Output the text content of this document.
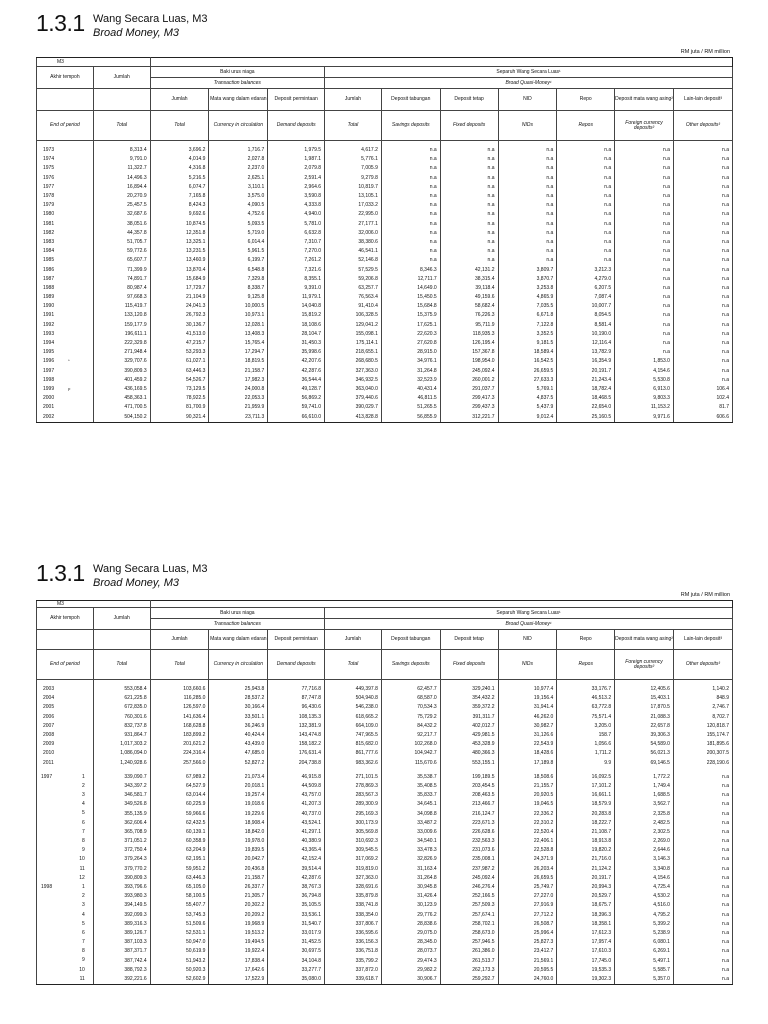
1.3.1 Wang Secara Luas, M3
Broad Money, M3
RM juta / RM million
M3											
Akhir tempoh	Jumlah	Baki urus niaga			Separuh Wang Secara Luas¹						
		Transaction balances			Broad Quasi-Money¹						
		Jumlah	Mata wang dalam edaran	Deposit permintaan	Jumlah	Deposit tabungan	Deposit tetap	NID	Repo	Deposit mata wang asing²	Lain-lain deposit³
End of period	Total	Total	Currency in circulation	Demand deposits	Total	Savings deposits	Fixed deposits	NIDs	Repos	Foreign currency deposits²	Other deposits³

1973	8,313.4	3,696.2	1,716.7	1,979.5	4,617.2	n.a	n.a	n.a	n.a	n.a	n.a
1974	9,791.0	4,014.9	2,027.8	1,987.1	5,776.1	n.a	n.a	n.a	n.a	n.a	n.a
1975	11,322.7	4,316.8	2,237.0	2,079.8	7,005.9	n.a	n.a	n.a	n.a	n.a	n.a
1976	14,496.3	5,216.5	2,625.1	2,591.4	9,279.8	n.a	n.a	n.a	n.a	n.a	n.a
1977	16,894.4	6,074.7	3,110.1	2,964.6	10,819.7	n.a	n.a	n.a	n.a	n.a	n.a
1978	20,270.9	7,165.8	3,575.0	3,590.8	13,105.1	n.a	n.a	n.a	n.a	n.a	n.a
1979	25,457.5	8,424.3	4,090.5	4,333.8	17,033.2	n.a	n.a	n.a	n.a	n.a	n.a
1980	32,687.6	9,692.6	4,752.6	4,940.0	22,995.0	n.a	n.a	n.a	n.a	n.a	n.a
1981	38,051.6	10,874.5	5,093.5	5,781.0	27,177.1	n.a	n.a	n.a	n.a	n.a	n.a
1982	44,357.8	12,351.8	5,719.0	6,632.8	32,006.0	n.a	n.a	n.a	n.a	n.a	n.a
1983	51,705.7	13,325.1	6,014.4	7,310.7	38,380.6	n.a	n.a	n.a	n.a	n.a	n.a
1984	59,772.6	13,231.5	5,961.5	7,270.0	46,541.1	n.a	n.a	n.a	n.a	n.a	n.a
1985	65,607.7	13,460.9	6,199.7	7,261.2	52,146.8	n.a	n.a	n.a	n.a	n.a	n.a
1986	71,399.9	13,870.4	6,548.8	7,321.6	57,529.5	8,346.3	42,131.2	3,809.7	3,212.3	n.a	n.a
1987	74,891.7	15,684.9	7,329.8	8,355.1	59,206.8	12,711.7	38,315.4	3,870.7	4,279.0	n.a	n.a
1988	80,987.4	17,729.7	8,338.7	9,391.0	63,257.7	14,649.0	39,118.4	3,253.8	6,207.5	n.a	n.a
1989	97,668.3	21,104.9	9,125.8	11,979.1	76,563.4	15,450.5	49,159.6	4,865.9	7,087.4	n.a	n.a
1990	115,419.7	24,041.3	10,000.5	14,040.8	91,410.4	15,684.8	58,682.4	7,035.5	10,007.7	n.a	n.a
1991	133,120.8	26,792.3	10,973.1	15,819.2	106,328.5	15,375.9	76,226.3	6,671.8	8,054.5	n.a	n.a
1992	159,177.9	30,136.7	12,028.1	18,108.6	129,041.2	17,625.1	95,711.9	7,122.8	8,581.4	n.a	n.a
1993	196,611.1	41,513.0	13,408.3	28,104.7	155,098.1	22,620.3	118,935.3	3,352.5	10,190.0	n.a	n.a
1994	222,329.8	47,215.7	15,765.4	31,450.3	175,114.1	27,620.8	126,195.4	9,181.5	12,116.4	n.a	n.a
1995	271,948.4	53,293.3	17,294.7	35,998.6	218,655.1	28,915.0	157,367.8	18,589.4	13,782.9	n.a	n.a
1996 *	329,707.6	61,027.1	18,819.5	42,207.6	268,680.5	34,976.1	198,954.0	16,542.5	16,354.9	1,853.0	n.a
1997	390,809.3	63,446.3	21,158.7	42,287.6	327,363.0	31,264.8	245,092.4	26,659.5	20,191.7	4,154.6	n.a
1998	401,459.2	54,526.7	17,982.3	36,544.4	346,932.5	32,523.9	260,001.2	27,633.3	21,243.4	5,530.8	n.a
1999 $^p$	436,169.5	73,129.5	24,000.8	49,128.7	363,040.0	40,431.4	291,037.7	5,769.1	18,782.4	6,913.0	106.4
2000	458,363.1	78,922.5	22,053.3	56,869.2	379,440.6	46,811.5	299,417.3	4,837.5	18,468.5	9,803.3	102.4
2001	471,700.5	81,700.9	21,959.9	59,741.0	390,029.7	51,265.5	299,437.3	5,437.9	22,654.0	11,153.2	81.7
2002	504,150.2	90,321.4	23,711.3	66,610.0	413,828.8	56,855.9	312,221.7	9,012.4	25,160.5	9,971.6	606.6
1.3.1 Wang Secara Luas, M3
Broad Money, M3
RM juta / RM million
M3											
Akhir tempoh	Jumlah	Baki urus niaga			Separuh Wang Secara Luas¹						
		Transaction balances			Broad Quasi-Money¹						
		Jumlah	Mata wang dalam edaran	Deposit permintaan	Jumlah	Deposit tabungan	Deposit tetap	NID	Repo	Deposit mata wang asing²	Lain-lain deposit³
End of period	Total	Total	Currency in circulation	Demand deposits	Total	Savings deposits	Fixed deposits	NIDs	Repos	Foreign currency deposits²	Other deposits³

2003	553,058.4	103,660.6	25,943.8	77,716.8	449,397.8	62,457.7	329,240.1	10,977.4	33,176.7	12,405.6	1,140.2
2004	621,225.8	116,285.0	28,537.2	87,747.8	504,940.8	68,587.0	354,432.2	19,156.4	46,513.2	15,403.1	848.9
2005	672,835.0	126,597.0	30,166.4	96,430.6	546,238.0	70,534.3	359,372.2	31,941.4	63,772.8	17,870.5	2,746.7
2006	760,301.6	141,636.4	33,501.1	108,135.3	618,665.2	75,729.2	391,311.7	46,262.0	75,571.4	21,088.3	8,702.7
2007	832,737.8	168,628.8	36,246.9	132,381.9	664,109.0	84,432.2	402,012.7	30,982.7	3,205.0	22,657.8	120,818.7
2008	931,864.7	183,899.2	40,424.4	143,474.8	747,965.5	92,217.7	429,981.5	31,126.6	158.7	39,306.3	155,174.7
2009	1,017,303.2	201,621.2	43,439.0	158,182.2	815,682.0	102,268.0	453,328.9	22,543.9	1,056.6	54,589.0	181,895.6
2010	1,086,094.0	224,316.4	47,685.0	176,631.4	861,777.6	104,942.7	480,366.3	18,428.6	1,711.2	56,021.3	200,307.5
2011	1,240,928.6	257,566.0	52,827.2	204,738.8	983,362.6	115,670.6	553,155.1	17,189.8	9.9	69,146.5	228,190.6

1997 1	339,090.7	67,989.2	21,073.4	46,915.8	271,101.5	35,538.7	199,189.5	18,508.6	16,092.5	1,772.2	n.a

2	343,397.2	64,527.9	20,018.1	44,509.8	278,869.3	35,408.5	203,454.5	21,155.7	17,101.2	1,749.4	n.a

3	346,581.7	63,014.4	19,257.4	43,757.0	283,567.3	35,833.7	208,463.5	20,920.5	16,661.1	1,688.5	n.a

4	349,526.8	60,225.9	19,018.6	41,207.3	289,300.9	34,645.1	213,466.7	19,046.5	18,579.9	3,562.7	n.a

5	355,135.9	59,966.6	19,229.6	40,737.0	295,169.3	34,098.8	216,124.7	22,336.2	20,283.8	2,325.8	n.a

6	362,606.4	62,432.5	18,908.4	43,524.1	300,173.9	33,487.2	223,671.3	22,310.2	18,222.7	2,482.5	n.a

7	365,708.9	60,139.1	18,842.0	41,297.1	305,569.8	33,009.6	226,628.6	22,520.4	21,108.7	2,302.5	n.a

8	371,051.2	60,358.9	19,978.0	40,380.9	310,692.3	34,540.1	232,563.3	22,406.1	18,913.8	2,269.0	n.a

9	372,750.4	63,204.9	19,839.5	43,365.4	309,545.5	33,478.3	231,073.6	22,528.8	19,820.2	2,644.6	n.a

10	379,264.3	62,195.1	20,042.7	42,152.4	317,069.2	32,826.9	235,008.1	24,371.9	21,716.0	3,146.3	n.a

11	379,770.2	59,951.2	20,436.8	39,514.4	319,819.0	31,163.4	237,987.2	26,203.4	21,124.2	3,340.8	n.a

12	390,809.3	63,446.3	21,158.7	42,287.6	327,363.0	31,264.8	245,092.4	26,659.5	20,191.7	4,154.6	n.a
1998 1	393,796.6	65,105.0	26,337.7	38,767.3	328,691.6	30,945.8	246,276.4	25,749.7	20,994.3	4,725.4	n.a

2	393,980.3	58,100.5	21,305.7	36,794.8	335,879.8	31,426.4	252,166.5	27,227.0	20,529.7	4,530.2	n.a

3	394,149.5	55,407.7	20,302.2	35,105.5	338,741.8	30,123.9	257,509.3	27,916.9	18,675.7	4,516.0	n.a

4	392,099.3	53,745.3	20,209.2	33,536.1	338,354.0	29,776.2	257,674.1	27,712.2	18,396.3	4,795.2	n.a

5	389,316.3	51,509.6	19,968.9	31,540.7	337,806.7	28,838.6	258,702.1	26,508.7	18,358.1	5,399.2	n.a

6	389,126.7	52,531.1	19,513.2	33,017.9	336,595.6	29,075.0	258,673.0	25,996.4	17,612.3	5,238.9	n.a

7	387,103.3	50,947.0	19,494.5	31,452.5	336,156.3	28,345.0	257,946.5	25,827.3	17,957.4	6,080.1	n.a

8	387,371.7	50,619.9	19,922.4	30,697.5	336,751.8	28,073.7	261,386.0	23,412.7	17,610.3	6,269.1	n.a

9	387,742.4	51,943.2	17,838.4	34,104.8	335,799.2	29,474.3	261,513.7	21,569.1	17,745.0	5,497.1	n.a

10	388,792.3	50,920.3	17,642.6	33,277.7	337,872.0	29,982.2	262,173.3	20,595.5	19,535.3	5,585.7	n.a

11	392,221.6	52,602.9	17,522.9	35,080.0	339,618.7	30,906.7	259,292.7	24,760.0	19,302.3	5,357.0	n.a
